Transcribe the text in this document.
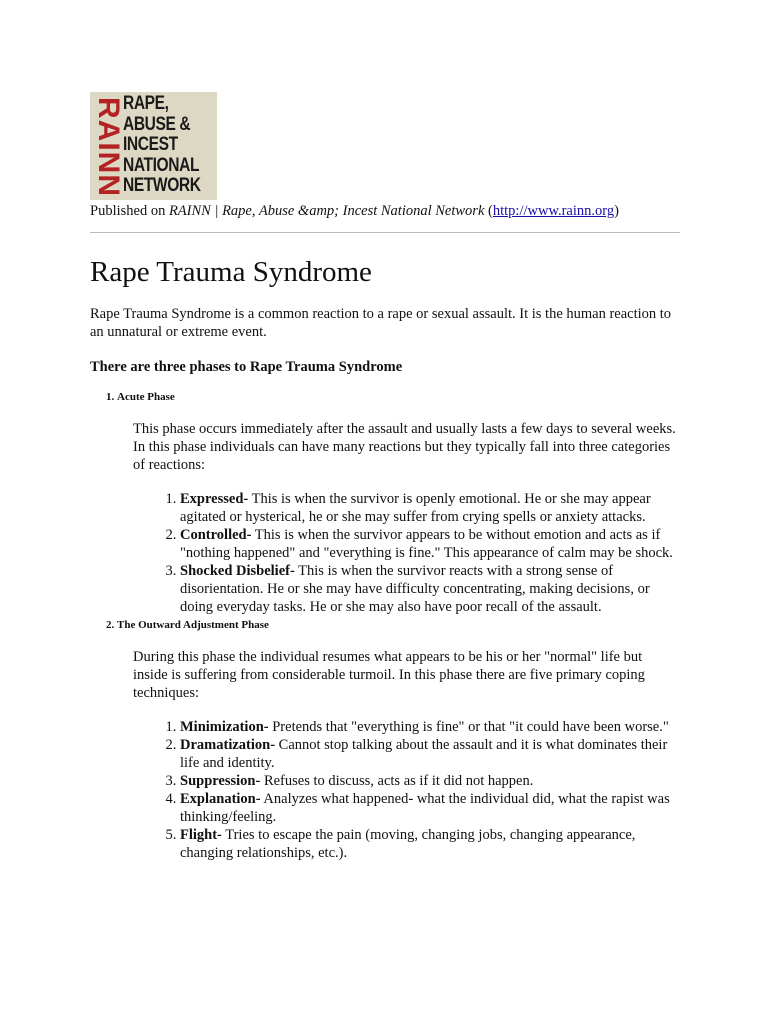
RAINN
RAPE,
ABUSE &
INCEST
NATIONAL
NETWORK
Published on RAINN | Rape, Abuse &amp; Incest National Network (http://www.rainn.org)
Rape Trauma Syndrome

Rape Trauma Syndrome is a common reaction to a rape or sexual assault. It is the human reaction to an unnatural or extreme event.

There are three phases to Rape Trauma Syndrome

1. Acute Phase
This phase occurs immediately after the assault and usually lasts a few days to several weeks. In this phase individuals can have many reactions but they typically fall into three categories of reactions:
1. Expressed- This is when the survivor is openly emotional. He or she may appear agitated or hysterical, he or she may suffer from crying spells or anxiety attacks.
2. Controlled- This is when the survivor appears to be without emotion and acts as if "nothing happened" and "everything is fine." This appearance of calm may be shock.
3. Shocked Disbelief- This is when the survivor reacts with a strong sense of disorientation. He or she may have difficulty concentrating, making decisions, or doing everyday tasks. He or she may also have poor recall of the assault.
2. The Outward Adjustment Phase
During this phase the individual resumes what appears to be his or her "normal" life but inside is suffering from considerable turmoil. In this phase there are five primary coping techniques:
1. Minimization- Pretends that "everything is fine" or that "it could have been worse."
2. Dramatization- Cannot stop talking about the assault and it is what dominates their life and identity.
3. Suppression- Refuses to discuss, acts as if it did not happen.
4. Explanation- Analyzes what happened- what the individual did, what the rapist was thinking/feeling.
5. Flight- Tries to escape the pain (moving, changing jobs, changing appearance, changing relationships, etc.).
